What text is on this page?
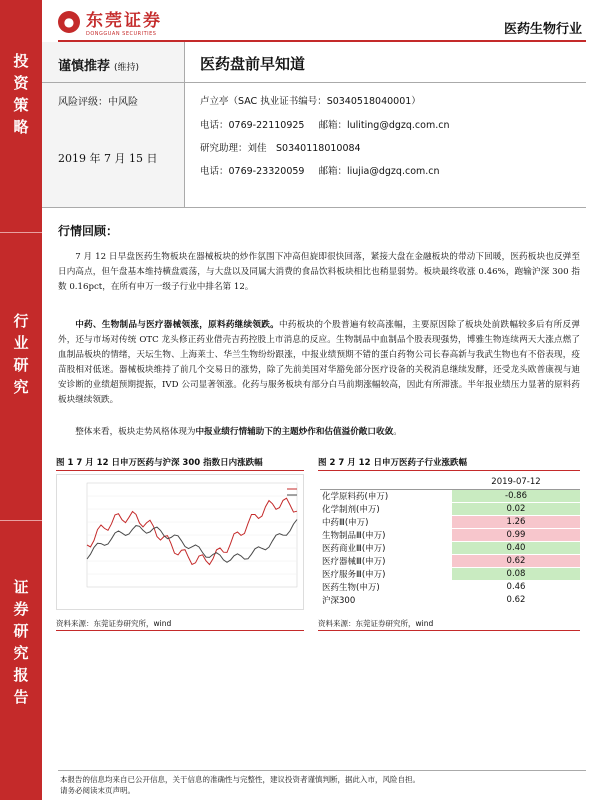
投
资
策
略
行
业
研
究
证
券
研
究
报
告
● 东莞证券
DONGGUAN SECURITIES	医药生物行业
谨慎推荐 (维持)
风险评级：中风险
2019 年 7 月 15 日
医药盘前早知道
卢立亭（SAC 执业证书编号：S0340518040001）
电话：0769-22110925 邮箱：luliting@dgzq.com.cn
研究助理：刘佳　S0340118010084
电话：0769-23320059 邮箱：liujia@dgzq.com.cn
行情回顾：
7 月 12 日早盘医药生物板块在器械板块的炒作氛围下冲高但旋即很快回落，紧接大盘在金融板块的带动下回暖，医药板块也反弹至日内高点，但午盘基本维持横盘震荡，与大盘以及同属大消费的食品饮料板块相比也稍显弱势。板块最终收涨 0.46%，跑输沪深 300 指数 0.16pct，在所有申万一级子行业中排名第 12。
中药、生物制品与医疗器械领涨，原料药继续领跌。中药板块的个股普遍有较高涨幅，主要原因除了板块处前跌幅较多后有所反弹外，还与市场对传统 OTC 龙头修正药业借壳吉药控股上市消息的反应。生物制品中血制品个股表现强势，博雅生物连续两天大涨点燃了血制品板块的情绪，天坛生物、上海莱士、华兰生物纷纷跟涨，中报业绩预期不错的蛋白药物公司长春高新与我武生物也有不俗表现，疫苗股相对低迷。器械板块维持了前几个交易日的涨势，除了先前美国对华豁免部分医疗设备的关税消息继续发酵，还受龙头欧普康视与迪安诊断的业绩超预期提振，IVD 公司显著领涨。化药与服务板块有部分白马前期涨幅较高，因此有所滞涨。半年报业绩压力显著的原料药板块继续领跌。
整体来看，板块走势风格体现为中报业绩行情辅助下的主题炒作和估值溢价敞口收敛。
图 1 7 月 12 日申万医药与沪深 300 指数日内涨跌幅	图 2 7 月 12 日申万医药子行业涨跌幅
	2019-07-12
化学原料药(申万)	-0.86
化学制剂(申万)	0.02
中药Ⅲ(申万)	1.26
生物制品Ⅲ(申万)	0.99
医药商业Ⅲ(申万)	0.40
医疗器械Ⅲ(申万)	0.62
医疗服务Ⅲ(申万)	0.08
医药生物(申万)	0.46
沪深300	0.62
资料来源：东莞证券研究所，wind	资料来源：东莞证券研究所，wind
本报告的信息均来自已公开信息，关于信息的准确性与完整性，建议投资者谨慎判断，据此入市，风险自担。
请务必阅读末页声明。
